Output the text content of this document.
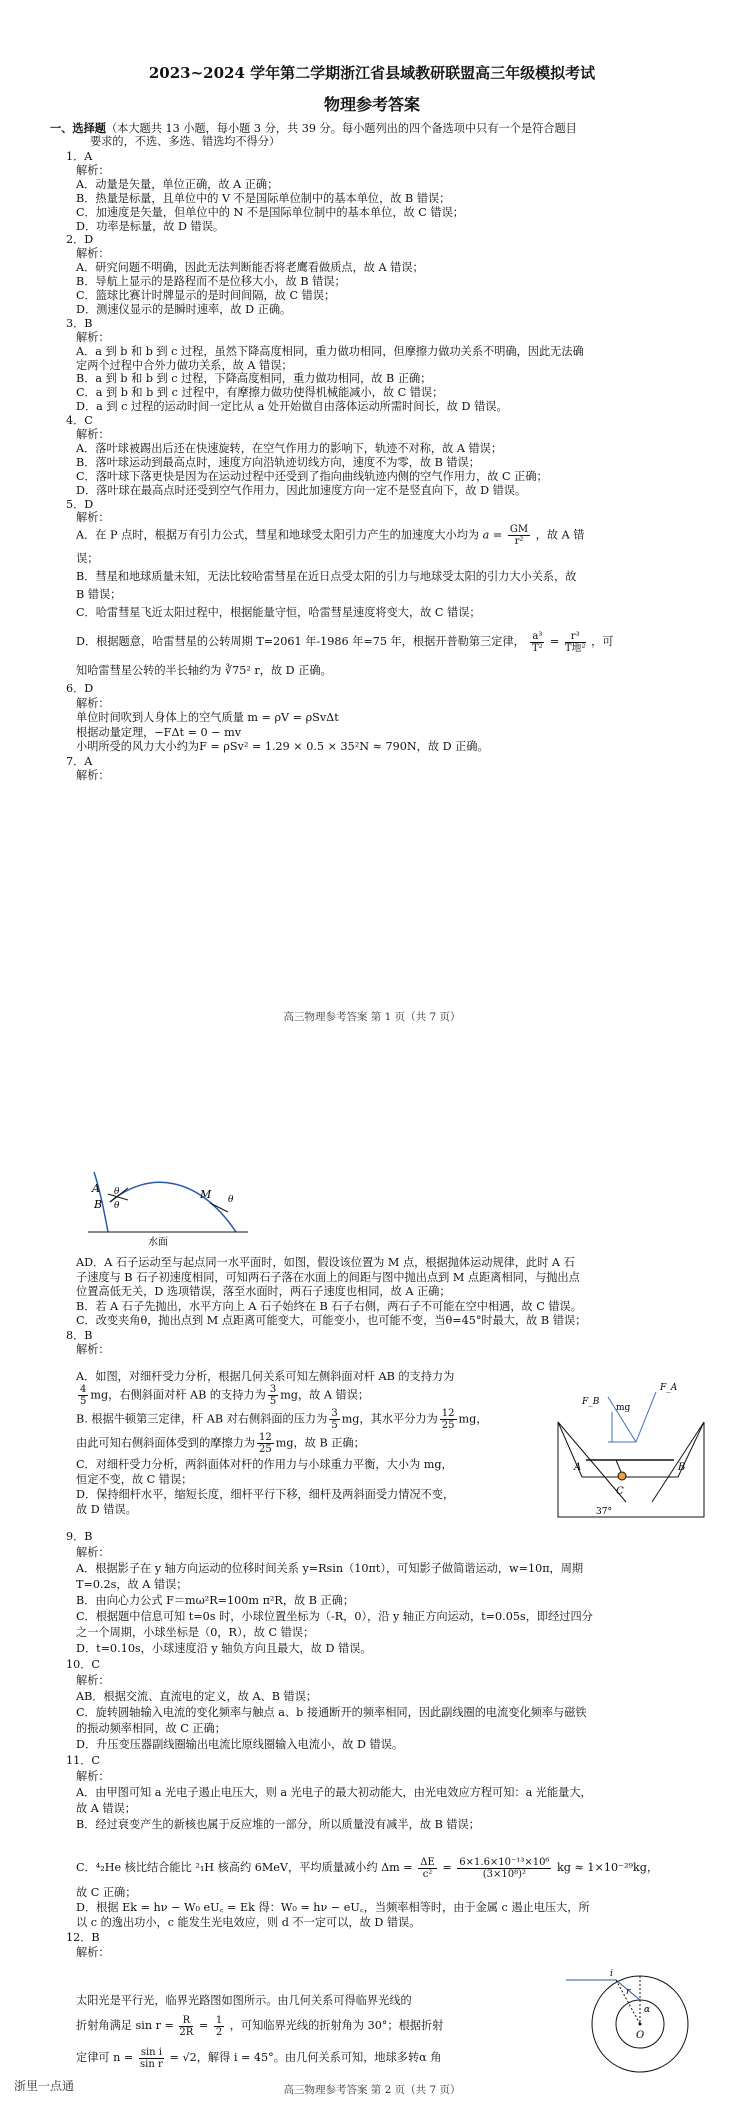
2023~2024 学年第二学期浙江省县域教研联盟高三年级模拟考试
物理参考答案
一、选择题（本大题共 13 小题，每小题 3 分，共 39 分。每小题列出的四个备选项中只有一个是符合题目
要求的，不选、多选、错选均不得分）
1．A
解析：
A．动量是矢量，单位正确，故 A 正确；
B．热量是标量，且单位中的 V 不是国际单位制中的基本单位，故 B 错误；
C．加速度是矢量，但单位中的 N 不是国际单位制中的基本单位，故 C 错误；
D．功率是标量，故 D 错误。
2．D
解析：
A．研究问题不明确，因此无法判断能否将老鹰看做质点，故 A 错误；
B．导航上显示的是路程而不是位移大小，故 B 错误；
C．篮球比赛计时牌显示的是时间间隔，故 C 错误；
D．测速仪显示的是瞬时速率，故 D 正确。
3．B
解析：
A．a 到 b 和 b 到 c 过程，虽然下降高度相同，重力做功相同，但摩擦力做功关系不明确，因此无法确
定两个过程中合外力做功关系，故 A 错误；
B．a 到 b 和 b 到 c 过程，下降高度相同，重力做功相同，故 B 正确；
C．a 到 b 和 b 到 c 过程中，有摩擦力做功使得机械能减小，故 C 错误；
D．a 到 c 过程的运动时间一定比从 a 处开始做自由落体运动所需时间长，故 D 错误。
4．C
解析：
A．落叶球被踢出后还在快速旋转，在空气作用力的影响下，轨迹不对称，故 A 错误；
B．落叶球运动到最高点时，速度方向沿轨迹切线方向，速度不为零，故 B 错误；
C．落叶球下落更快是因为在运动过程中还受到了指向曲线轨迹内侧的空气作用力，故 C 正确；
D．落叶球在最高点时还受到空气作用力，因此加速度方向一定不是竖直向下，故 D 错误。
5．D
解析：
A．在 P 点时，根据万有引力公式，彗星和地球受太阳引力产生的加速度大小均为 $a = \frac{GM}{\text{r²}}$ ，故 A 错
误；
B．彗星和地球质量未知，无法比较哈雷彗星在近日点受太阳的引力与地球受太阳的引力大小关系，故
B 错误；
C．哈雷彗星飞近太阳过程中，根据能量守恒，哈雷彗星速度将变大，故 C 错误；
D．根据题意，哈雷彗星的公转周期 T=2061 年-1986 年=75 年，根据开普勒第三定律， $\frac{\text{a³}}{\text{T²}} = \frac{\text{r³}}{\text{T地²}}$ ，可
知哈雷彗星公转的半长轴约为 ∛75² r，故 D 正确。
6．D
解析：
单位时间吹到人身体上的空气质量 m = ρV = ρSvΔt
根据动量定理，−FΔt = 0 − mv
小明所受的风力大小约为F = ρSv² = 1.29 × 0.5 × 35²N ≈ 790N，故 D 正确。
7．A
解析：
高三物理参考答案 第 1 页（共 7 页）
水面
A
B
M
θ
θ
θ
AD．A 石子运动至与起点同一水平面时，如图，假设该位置为 M 点，根据抛体运动规律，此时 A 石
子速度与 B 石子初速度相同，可知两石子落在水面上的间距与图中抛出点到 M 点距离相同，与抛出点
位置高低无关，D 选项错误，落至水面时，两石子速度也相同，故 A 正确；
B．若 A 石子先抛出，水平方向上 A 石子始终在 B 石子右侧，两石子不可能在空中相遇，故 C 错误。
C．改变夹角θ，抛出点到 M 点距离可能变大，可能变小，也可能不变，当θ=45°时最大，故 B 错误；
8．B
解析：
A．如图，对细杆受力分析，根据几何关系可知左侧斜面对杆 AB 的支持力为
$\frac{4}{5}$ mg，右侧斜面对杆 AB 的支持力为 $\frac{3}{5}$ mg，故 A 错误；
B. 根据牛顿第三定律，杆 AB 对右侧斜面的压力为 $\frac{3}{5}$ mg，其水平分力为 $\frac{12}{25}$ mg，
由此可知右侧斜面体受到的摩擦力为 $\frac{12}{25}$ mg，故 B 正确；
C．对细杆受力分析，两斜面体对杆的作用力与小球重力平衡，大小为 mg，
恒定不变，故 C 错误；
D．保持细杆水平，缩短长度，细杆平行下移，细杆及两斜面受力情况不变，
故 D 错误。
F_A
F_B
mg
A	B
C
37°
9．B
解析：
A．根据影子在 y 轴方向运动的位移时间关系 y=Rsin（10πt），可知影子做简谐运动，w=10π，周期
T=0.2s，故 A 错误；
B．由向心力公式 F＝mω²R=100m π²R，故 B 正确；
C．根据题中信息可知 t=0s 时，小球位置坐标为（-R，0），沿 y 轴正方向运动，t=0.05s，即经过四分
之一个周期，小球坐标是（0，R），故 C 错误；
D．t=0.10s，小球速度沿 y 轴负方向且最大，故 D 错误。
10．C
解析：
AB．根据交流、直流电的定义，故 A、B 错误；
C．旋转圆轴输入电流的变化频率与触点 a、b 接通断开的频率相同，因此副线圈的电流变化频率与磁铁
的振动频率相同，故 C 正确；
D．升压变压器副线圈输出电流比原线圈输入电流小，故 D 错误。
11．C
解析：
A．由甲图可知 a 光电子遏止电压大，则 a 光电子的最大初动能大，由光电效应方程可知：a 光能量大，
故 A 错误；
B．经过衰变产生的新核也属于反应堆的一部分，所以质量没有减半，故 B 错误；
C．⁴₂He 核比结合能比 ²₁H 核高约 6MeV，平均质量减小约 $\Delta m = \frac{\Delta E}{\text{c²}} = \frac{\text{6×1.6×10⁻¹³×10⁶}}{\text{(3×10⁸)²}}$ kg ≈ 1×10⁻²⁹kg，
故 C 正确；
D．根据 Ek = hν − W₀ eU꜀ = Ek 得：W₀ = hν − eU꜀，当频率相等时，由于金属 c 遏止电压大，所
以 c 的逸出功小，c 能发生光电效应，则 d 不一定可以，故 D 错误。
12．B
解析：
太阳光是平行光，临界光路图如图所示。由几何关系可得临界光线的
折射角满足 $\sin r = \frac{R}{2R} = \frac{1}{2}$ ，可知临界光线的折射角为 30°；根据折射
定律可 $n = \frac{\text{sin i}}{\text{sin r}} = √2$，解得 i = 45°。由几何关系可知，地球多转α 角
i
r
α
O
高三物理参考答案 第 2 页（共 7 页）
浙里一点通
